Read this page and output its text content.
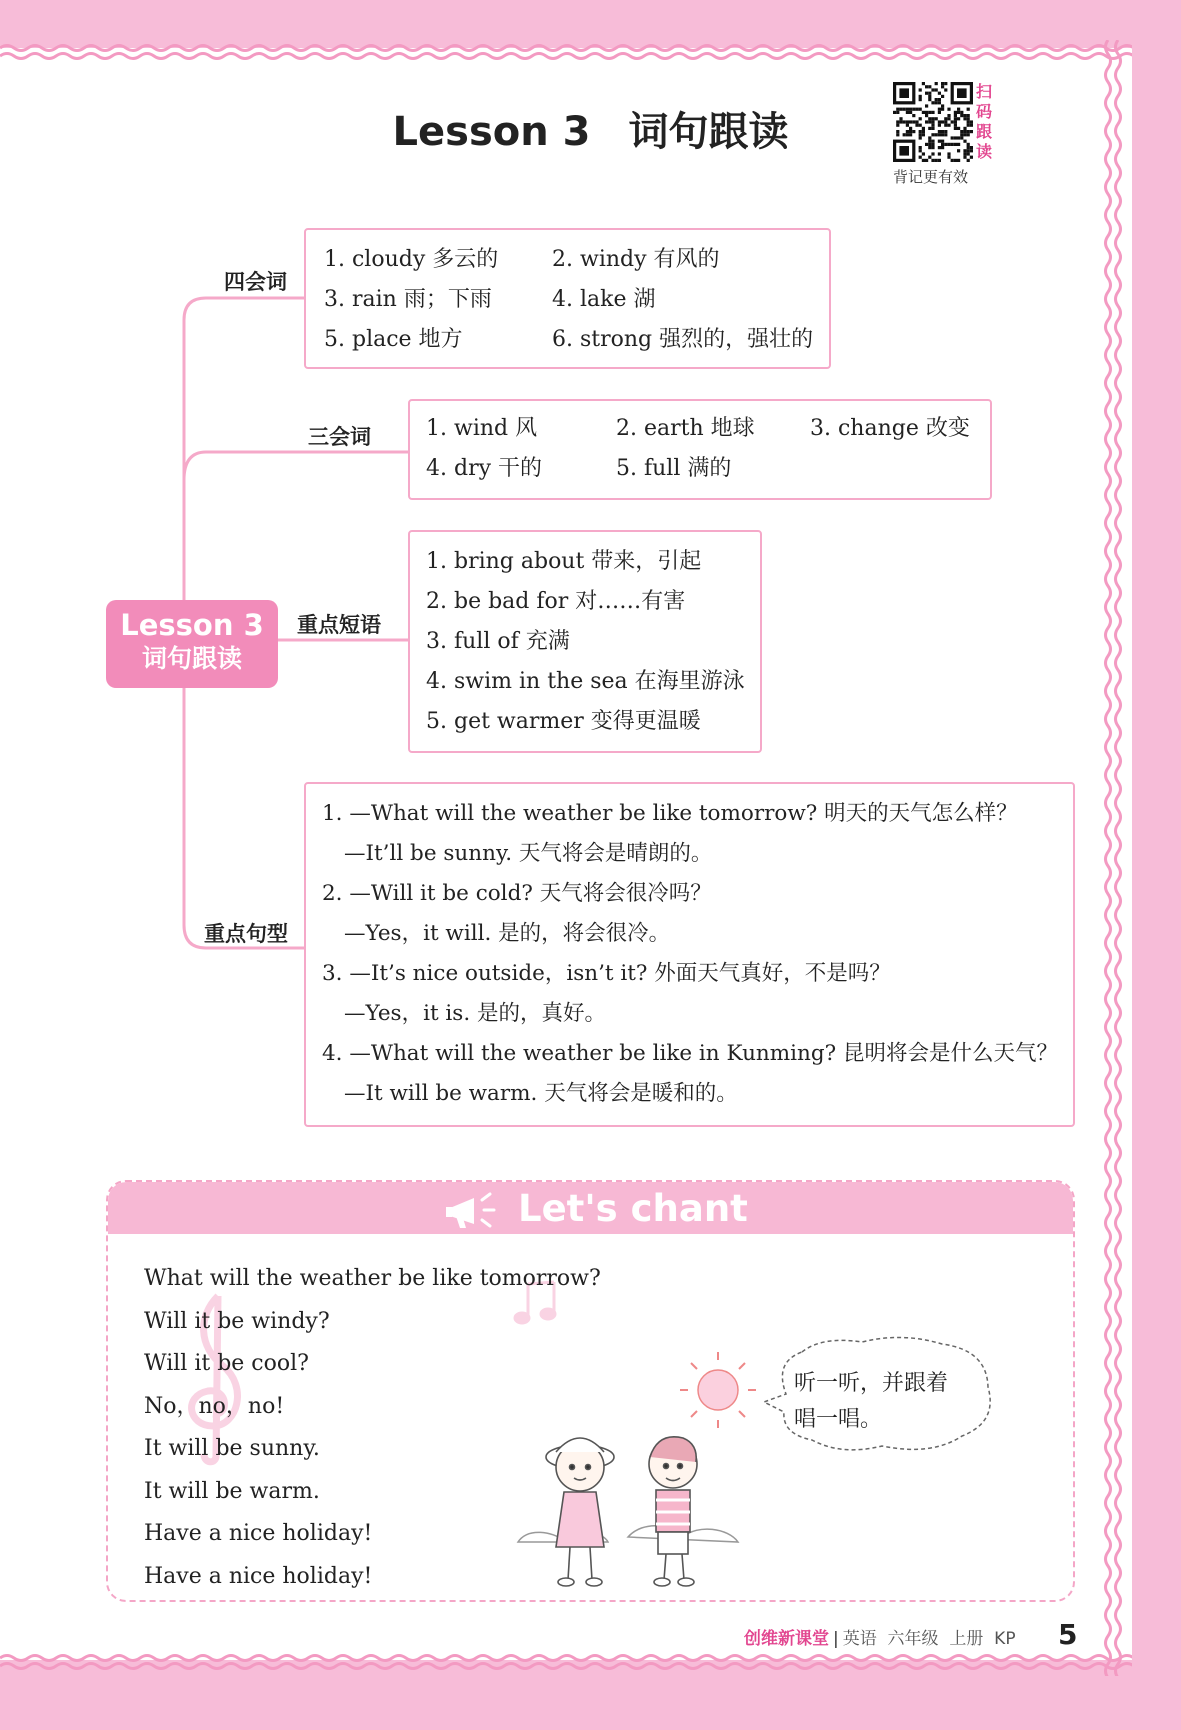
Lesson 3 词句跟读
扫
码
跟
读
背记更有效
Lesson 3
词句跟读
四会词
三会词
重点短语
重点句型
1. cloudy 多云的 2. windy 有风的
3. rain 雨；下雨	4. lake 湖
5. place 地方	6. strong 强烈的，强壮的
1. wind 风	2. earth 地球	3. change 改变
4. dry 干的	5. full 满的
1. bring about 带来，引起
2. be bad for 对……有害
3. full of 充满
4. swim in the sea 在海里游泳
5. get warmer 变得更温暖
1. —What will the weather be like tomorrow? 明天的天气怎么样？
—It’ll be sunny. 天气将会是晴朗的。
2. —Will it be cold? 天气将会很冷吗？
—Yes，it will. 是的，将会很冷。
3. —It’s nice outside，isn’t it? 外面天气真好，不是吗？
—Yes，it is. 是的，真好。
4. —What will the weather be like in Kunming? 昆明将会是什么天气？
—It will be warm. 天气将会是暖和的。
Let's chant
What will the weather be like tomorrow?
Will it be windy?
Will it be cool?
No，no，no!
It will be sunny.
It will be warm.
Have a nice holiday!
Have a nice holiday!
听一听，并跟着
唱一唱。
创维新课堂 | 英语 六年级 上册 KP 5
